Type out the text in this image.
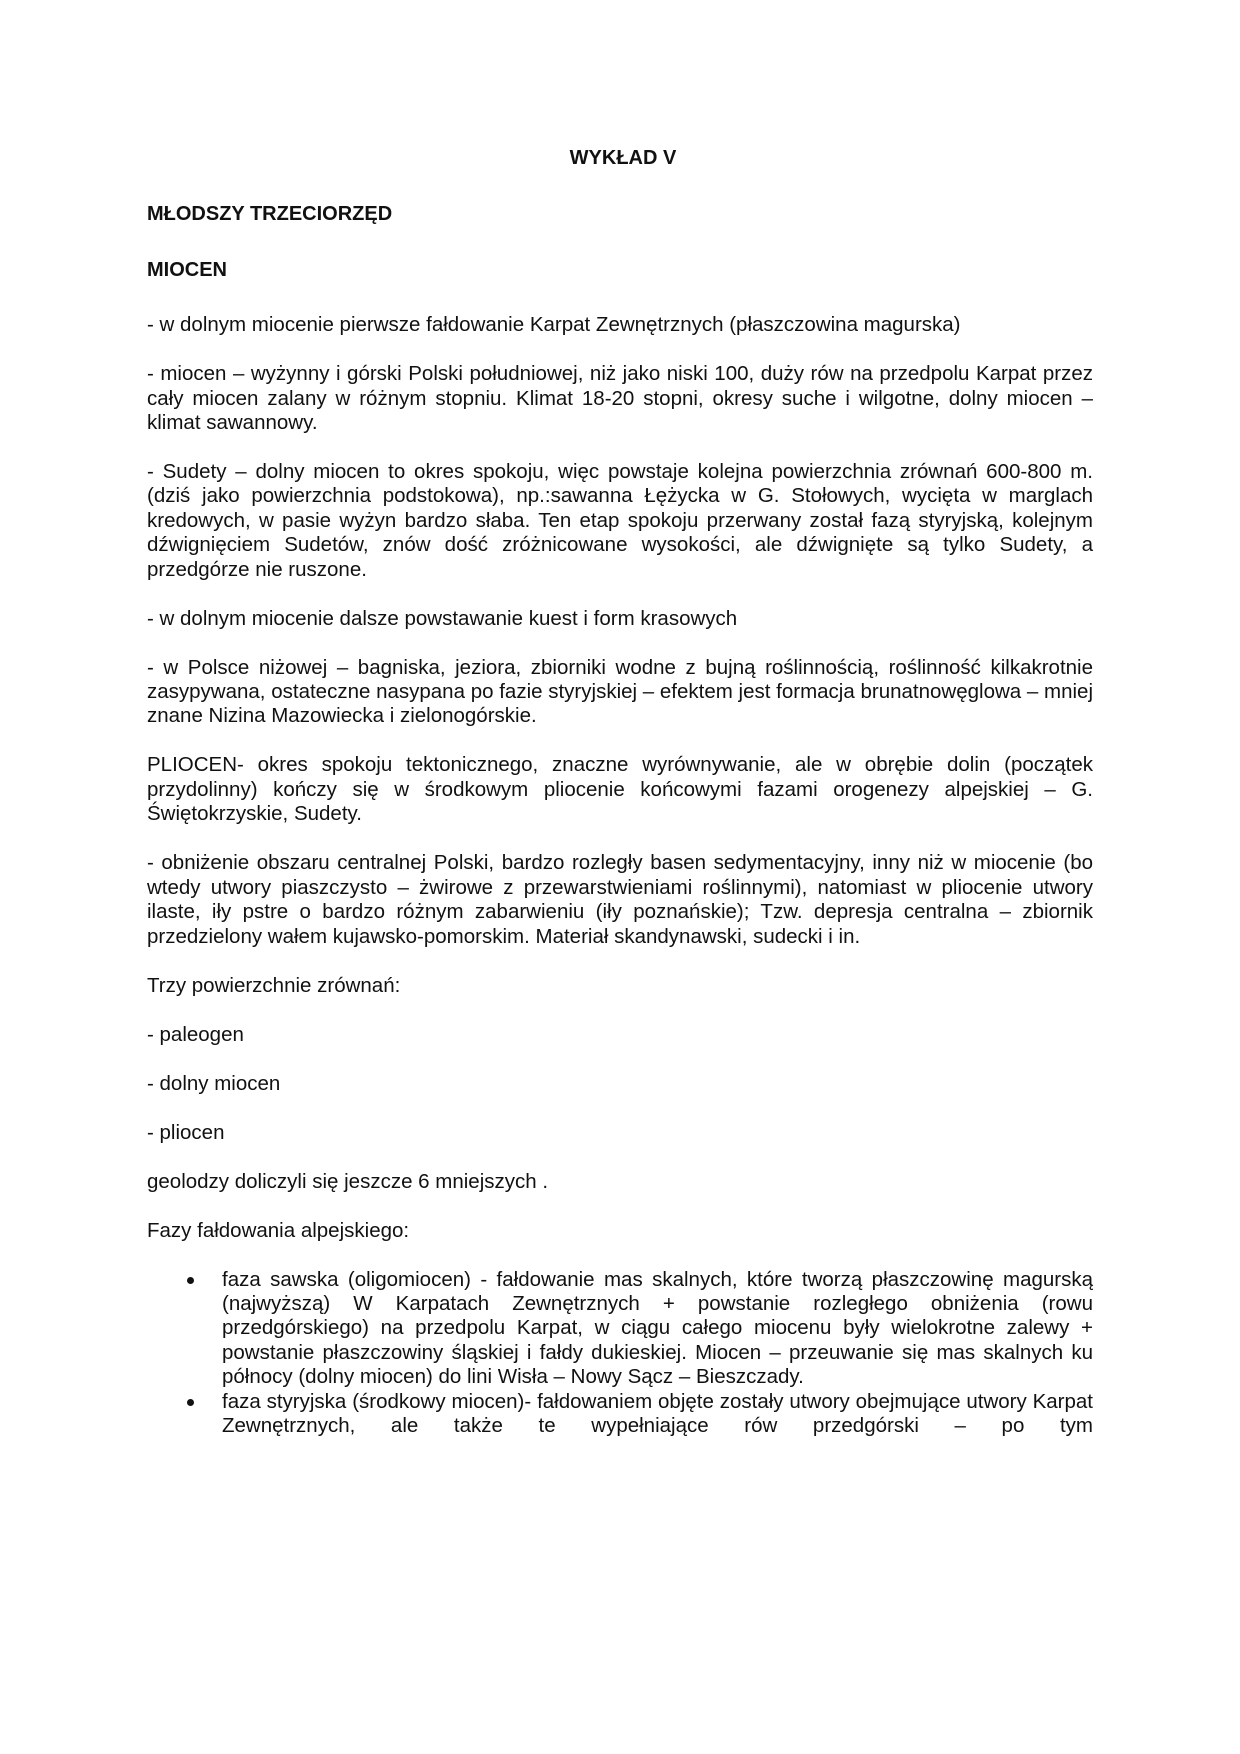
WYKŁAD V
MŁODSZY TRZECIORZĘD
MIOCEN

- w dolnym miocenie pierwsze fałdowanie Karpat Zewnętrznych (płaszczowina magurska)

- miocen – wyżynny i górski Polski południowej, niż jako niski 100, duży rów na przedpolu Karpat przez cały miocen zalany w różnym stopniu. Klimat 18-20 stopni, okresy suche i wilgotne, dolny miocen – klimat sawannowy.

- Sudety – dolny miocen to okres spokoju, więc powstaje kolejna powierzchnia zrównań 600-800 m. (dziś jako powierzchnia podstokowa), np.:sawanna Łężycka w G. Stołowych, wycięta w marglach kredowych, w pasie wyżyn bardzo słaba. Ten etap spokoju przerwany został fazą styryjską, kolejnym dźwignięciem Sudetów, znów dość zróżnicowane wysokości, ale dźwignięte są tylko Sudety, a przedgórze nie ruszone.

- w dolnym miocenie dalsze powstawanie kuest i form krasowych

- w Polsce niżowej – bagniska, jeziora, zbiorniki wodne z bujną roślinnością, roślinność kilkakrotnie zasypywana, ostateczne nasypana po fazie styryjskiej – efektem jest formacja brunatnowęglowa – mniej znane Nizina Mazowiecka i zielonogórskie.

PLIOCEN- okres spokoju tektonicznego, znaczne wyrównywanie, ale w obrębie dolin (początek przydolinny) kończy się w środkowym pliocenie końcowymi fazami orogenezy alpejskiej – G. Świętokrzyskie, Sudety.

- obniżenie obszaru centralnej Polski, bardzo rozległy basen sedymentacyjny, inny niż w miocenie (bo wtedy utwory piaszczysto – żwirowe z przewarstwieniami roślinnymi), natomiast w pliocenie utwory ilaste, iły pstre o bardzo różnym zabarwieniu (iły poznańskie); Tzw. depresja centralna – zbiornik przedzielony wałem kujawsko-pomorskim. Materiał skandynawski, sudecki i in.

Trzy powierzchnie zrównań:

- paleogen

- dolny miocen

- pliocen

geolodzy doliczyli się jeszcze 6 mniejszych .

Fazy fałdowania alpejskiego:

faza sawska (oligomiocen) - fałdowanie mas skalnych, które tworzą płaszczowinę magurską (najwyższą) W Karpatach Zewnętrznych + powstanie rozległego obniżenia (rowu przedgórskiego) na przedpolu Karpat, w ciągu całego miocenu były wielokrotne zalewy + powstanie płaszczowiny śląskiej i fałdy dukieskiej. Miocen – przeuwanie się mas skalnych ku północy (dolny miocen) do lini Wisła – Nowy Sącz – Bieszczady.
faza styryjska (środkowy miocen)- fałdowaniem objęte zostały utwory obejmujące utwory Karpat Zewnętrznych, ale także te wypełniające rów przedgórski – po tym
